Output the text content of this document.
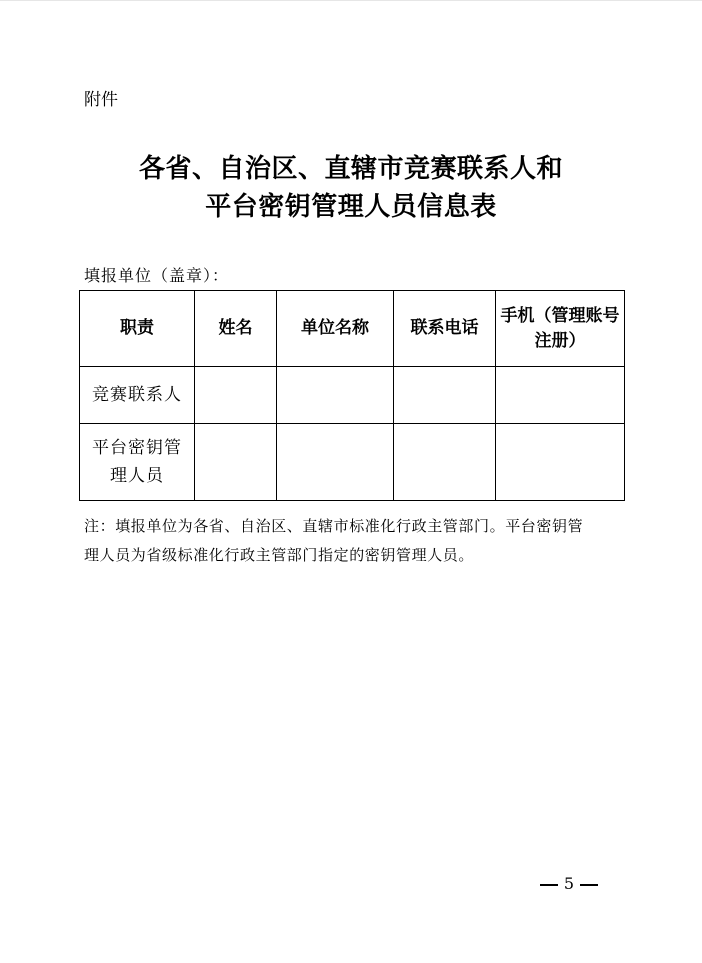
附件
各省、自治区、直辖市竞赛联系人和
平台密钥管理人员信息表
填报单位（盖章）：
职责	姓名	单位名称	联系电话	手机（管理账号注册）
竞赛联系人				
平台密钥管理人员				
注：填报单位为各省、自治区、直辖市标准化行政主管部门。平台密钥管
理人员为省级标准化行政主管部门指定的密钥管理人员。
5
